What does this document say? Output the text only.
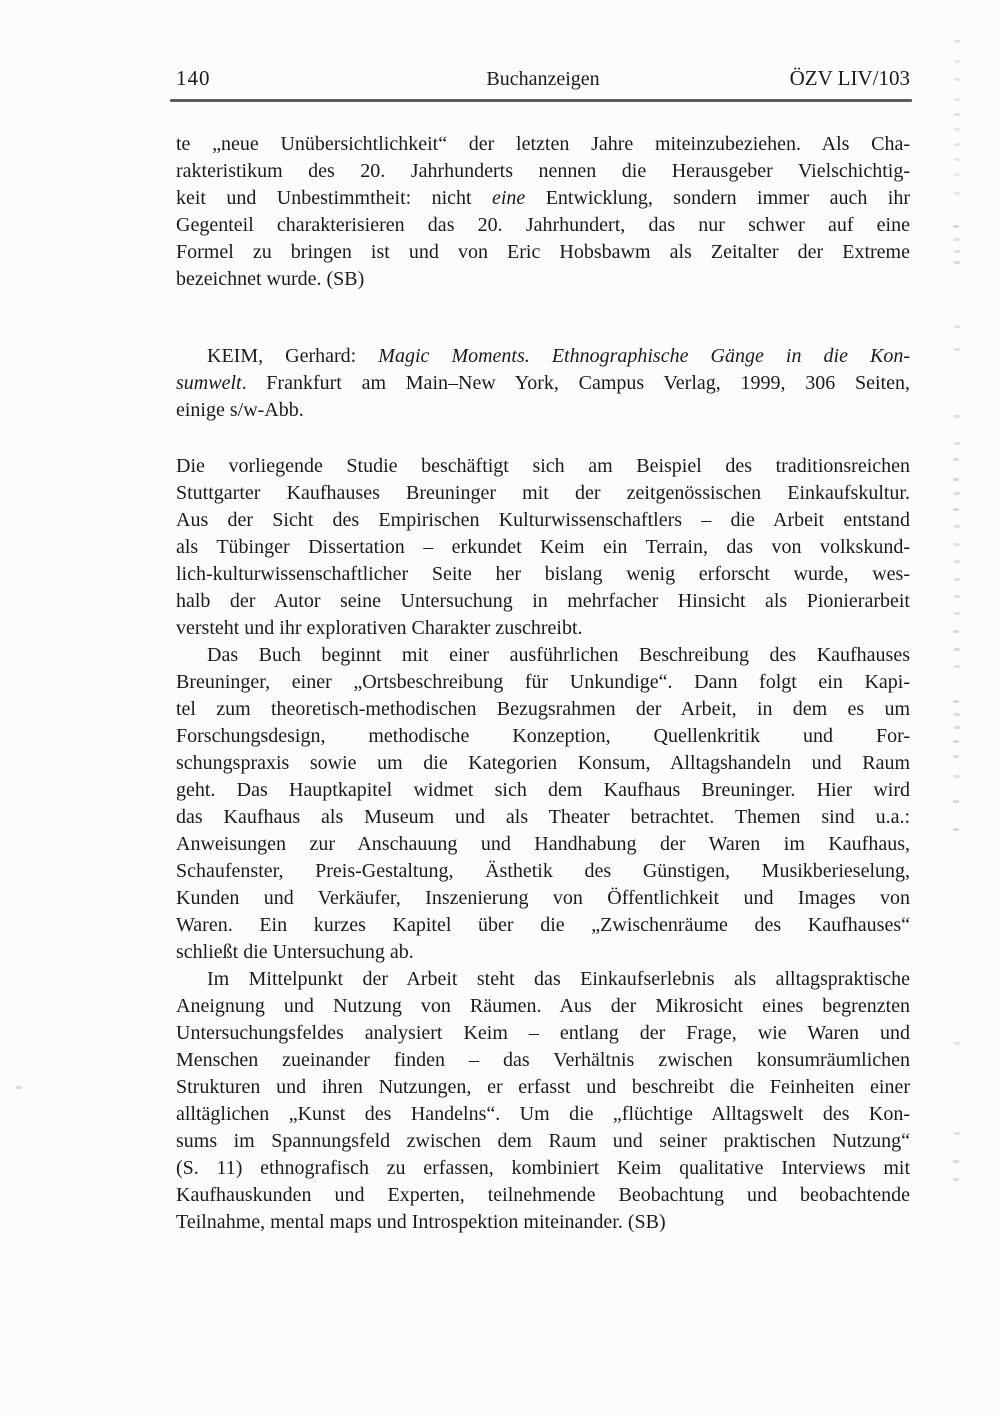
140	Buchanzeigen	ÖZV LIV/103
te „neue Unübersichtlichkeit“ der letzten Jahre miteinzubeziehen. Als Cha-
rakteristikum des 20. Jahrhunderts nennen die Herausgeber Vielschichtig-
keit und Unbestimmtheit: nicht eine Entwicklung, sondern immer auch ihr
Gegenteil charakterisieren das 20. Jahrhundert, das nur schwer auf eine
Formel zu bringen ist und von Eric Hobsbawm als Zeitalter der Extreme
bezeichnet wurde. (SB)
KEIM, Gerhard: Magic Moments. Ethnographische Gänge in die Kon-
sumwelt. Frankfurt am Main–New York, Campus Verlag, 1999, 306 Seiten,
einige s/w-Abb.
Die vorliegende Studie beschäftigt sich am Beispiel des traditionsreichen
Stuttgarter Kaufhauses Breuninger mit der zeitgenössischen Einkaufskultur.
Aus der Sicht des Empirischen Kulturwissenschaftlers – die Arbeit entstand
als Tübinger Dissertation – erkundet Keim ein Terrain, das von volkskund-
lich-kulturwissenschaftlicher Seite her bislang wenig erforscht wurde, wes-
halb der Autor seine Untersuchung in mehrfacher Hinsicht als Pionierarbeit
versteht und ihr explorativen Charakter zuschreibt.
Das Buch beginnt mit einer ausführlichen Beschreibung des Kaufhauses
Breuninger, einer „Ortsbeschreibung für Unkundige“. Dann folgt ein Kapi-
tel zum theoretisch-methodischen Bezugsrahmen der Arbeit, in dem es um
Forschungsdesign, methodische Konzeption, Quellenkritik und For-
schungspraxis sowie um die Kategorien Konsum, Alltagshandeln und Raum
geht. Das Hauptkapitel widmet sich dem Kaufhaus Breuninger. Hier wird
das Kaufhaus als Museum und als Theater betrachtet. Themen sind u.a.:
Anweisungen zur Anschauung und Handhabung der Waren im Kaufhaus,
Schaufenster, Preis-Gestaltung, Ästhetik des Günstigen, Musikberieselung,
Kunden und Verkäufer, Inszenierung von Öffentlichkeit und Images von
Waren. Ein kurzes Kapitel über die „Zwischenräume des Kaufhauses“
schließt die Untersuchung ab.
Im Mittelpunkt der Arbeit steht das Einkaufserlebnis als alltagspraktische
Aneignung und Nutzung von Räumen. Aus der Mikrosicht eines begrenzten
Untersuchungsfeldes analysiert Keim – entlang der Frage, wie Waren und
Menschen zueinander finden – das Verhältnis zwischen konsumräumlichen
Strukturen und ihren Nutzungen, er erfasst und beschreibt die Feinheiten einer
alltäglichen „Kunst des Handelns“. Um die „flüchtige Alltagswelt des Kon-
sums im Spannungsfeld zwischen dem Raum und seiner praktischen Nutzung“
(S. 11) ethnografisch zu erfassen, kombiniert Keim qualitative Interviews mit
Kaufhauskunden und Experten, teilnehmende Beobachtung und beobachtende
Teilnahme, mental maps und Introspektion miteinander. (SB)
